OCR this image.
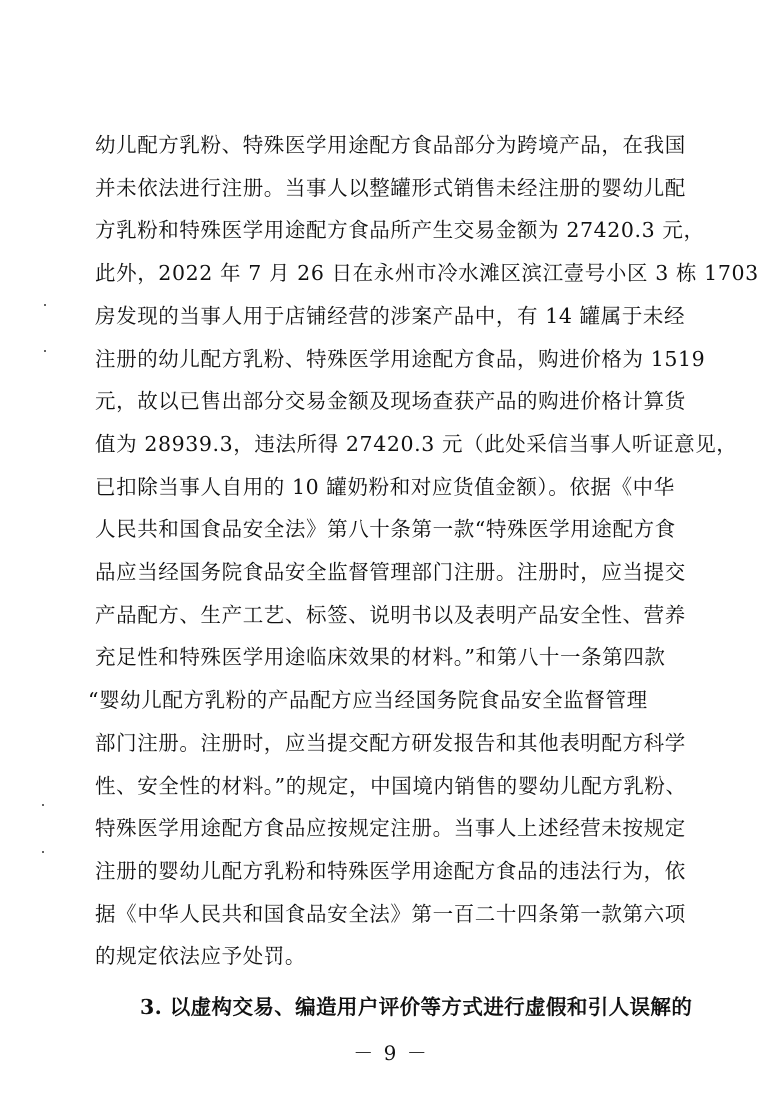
幼儿配方乳粉、特殊医学用途配方食品部分为跨境产品，在我国
并未依法进行注册。当事人以整罐形式销售未经注册的婴幼儿配
方乳粉和特殊医学用途配方食品所产生交易金额为 27420.3 元，
此外，2022 年 7 月 26 日在永州市冷水滩区滨江壹号小区 3 栋 1703
房发现的当事人用于店铺经营的涉案产品中，有 14 罐属于未经
注册的幼儿配方乳粉、特殊医学用途配方食品，购进价格为 1519
元，故以已售出部分交易金额及现场查获产品的购进价格计算货
值为 28939.3，违法所得 27420.3 元（此处采信当事人听证意见，
已扣除当事人自用的 10 罐奶粉和对应货值金额）。依据《中华
人民共和国食品安全法》第八十条第一款“特殊医学用途配方食
品应当经国务院食品安全监督管理部门注册。注册时，应当提交
产品配方、生产工艺、标签、说明书以及表明产品安全性、营养
充足性和特殊医学用途临床效果的材料。”和第八十一条第四款
“婴幼儿配方乳粉的产品配方应当经国务院食品安全监督管理
部门注册。注册时，应当提交配方研发报告和其他表明配方科学
性、安全性的材料。”的规定，中国境内销售的婴幼儿配方乳粉、
特殊医学用途配方食品应按规定注册。当事人上述经营未按规定
注册的婴幼儿配方乳粉和特殊医学用途配方食品的违法行为，依
据《中华人民共和国食品安全法》第一百二十四条第一款第六项
的规定依法应予处罚。
－ 9 －
3. 以虚构交易、编造用户评价等方式进行虚假和引人误解的
